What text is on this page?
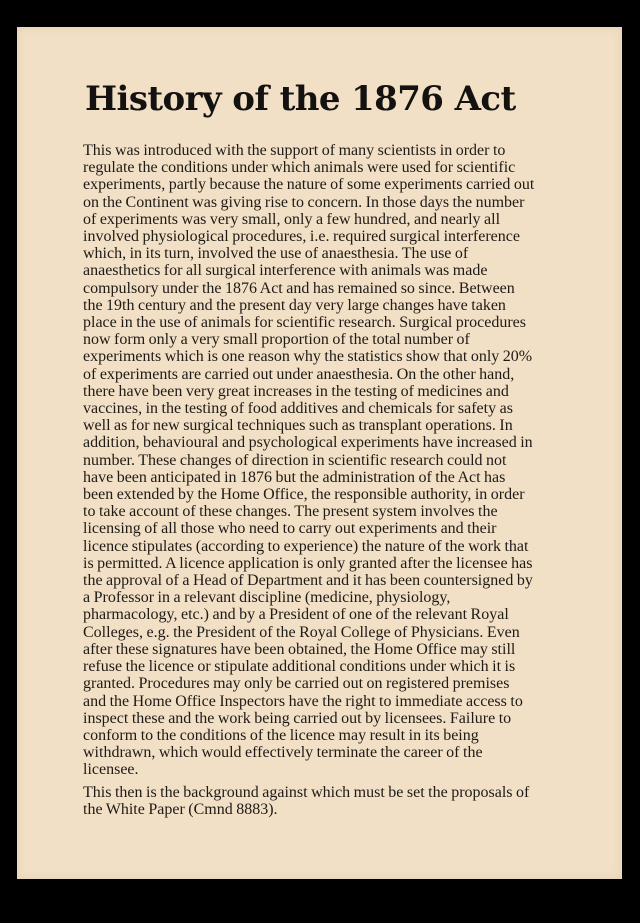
History of the 1876 Act

This was introduced with the support of many scientists in order to regulate the conditions under which animals were used for scientific experiments, partly because the nature of some experiments carried out on the Continent was giving rise to concern. In those days the number of experiments was very small, only a few hundred, and nearly all involved physiological procedures, i.e. required surgical interference which, in its turn, involved the use of anaesthesia. The use of anaesthetics for all surgical interference with animals was made compulsory under the 1876 Act and has remained so since. Between the 19th century and the present day very large changes have taken place in the use of animals for scientific research. Surgical procedures now form only a very small proportion of the total number of experiments which is one reason why the statistics show that only 20% of experiments are carried out under anaesthesia. On the other hand, there have been very great increases in the testing of medicines and vaccines, in the testing of food additives and chemicals for safety as well as for new surgical techniques such as transplant operations. In addition, behavioural and psychological experiments have increased in number. These changes of direction in scientific research could not have been anticipated in 1876 but the administration of the Act has been extended by the Home Office, the responsible authority, in order to take account of these changes. The present system involves the licensing of all those who need to carry out experiments and their licence stipulates (according to experience) the nature of the work that is permitted. A licence application is only granted after the licensee has the approval of a Head of Department and it has been countersigned by a Professor in a relevant discipline (medicine, physiology, pharmacology, etc.) and by a President of one of the relevant Royal Colleges, e.g. the President of the Royal College of Physicians. Even after these signatures have been obtained, the Home Office may still refuse the licence or stipulate additional conditions under which it is granted. Procedures may only be carried out on registered premises and the Home Office Inspectors have the right to immediate access to inspect these and the work being carried out by licensees. Failure to conform to the conditions of the licence may result in its being withdrawn, which would effectively terminate the career of the licensee.

This then is the background against which must be set the proposals of the White Paper (Cmnd 8883).
